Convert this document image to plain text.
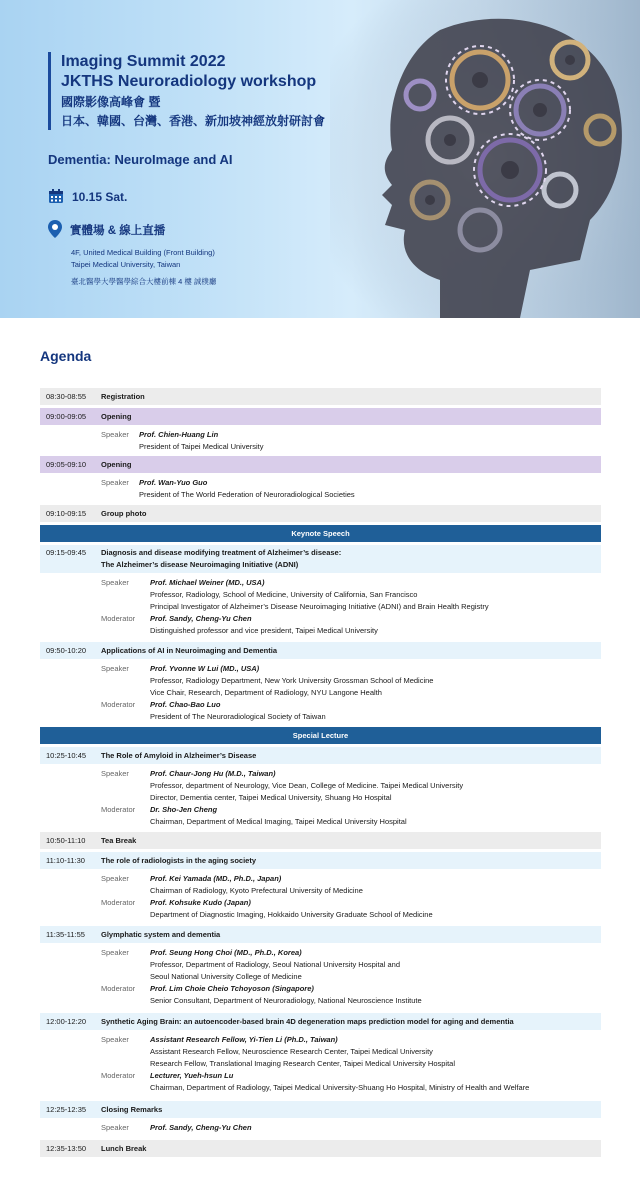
Imaging Summit 2022
JKTHS Neuroradiology workshop
國際影像高峰會 暨
日本、韓國、台灣、香港、新加坡神經放射研討會
Dementia: NeuroImage and AI
10.15 Sat.
實體場 & 線上直播
4F, United Medical Building (Front Building)
Taipei Medical University, Taiwan
臺北醫學大學醫學綜合大樓前棟 4 樓 誠樸廳
Agenda
08:30-08:55	Registration
09:00-09:05	Opening
Speaker	Prof. Chien-Huang Lin
President of Taipei Medical University
09:05-09:10	Opening
Speaker	Prof. Wan-Yuo Guo
President of The World Federation of Neuroradiological Societies
09:10-09:15	Group photo
Keynote Speech
09:15-09:45	Diagnosis and disease modifying treatment of Alzheimer’s disease:
The Alzheimer’s disease Neuroimaging Initiative (ADNI)
Speaker	Prof. Michael Weiner (MD., USA)
Professor, Radiology, School of Medicine, University of California, San Francisco
Principal Investigator of Alzheimer’s Disease Neuroimaging Initiative (ADNI) and Brain Health Registry
Moderator	Prof. Sandy, Cheng-Yu Chen
Distinguished professor and vice president, Taipei Medical University
09:50-10:20	Applications of AI in Neuroimaging and Dementia
Speaker	Prof. Yvonne W Lui (MD., USA)
Professor, Radiology Department, New York University Grossman School of Medicine
Vice Chair, Research, Department of Radiology, NYU Langone Health
Moderator	Prof. Chao-Bao Luo
President of The Neuroradiological Society of Taiwan
Special Lecture
10:25-10:45	The Role of Amyloid in Alzheimer’s Disease
Speaker	Prof. Chaur-Jong Hu (M.D., Taiwan)
Professor, department of Neurology, Vice Dean, College of Medicine. Taipei Medical University
Director, Dementia center, Taipei Medical University, Shuang Ho Hospital
Moderator	Dr. Sho-Jen Cheng
Chairman, Department of Medical Imaging, Taipei Medical University Hospital
10:50-11:10	Tea Break
11:10-11:30	The role of radiologists in the aging society
Speaker	Prof. Kei Yamada (MD., Ph.D., Japan)
Chairman of Radiology, Kyoto Prefectural University of Medicine
Moderator	Prof. Kohsuke Kudo (Japan)
Department of Diagnostic Imaging, Hokkaido University Graduate School of Medicine
11:35-11:55	Glymphatic system and dementia
Speaker	Prof. Seung Hong Choi (MD., Ph.D., Korea)
Professor, Department of Radiology, Seoul National University Hospital and
Seoul National University College of Medicine
Moderator	Prof. Lim Choie Cheio Tchoyoson (Singapore)
Senior Consultant, Department of Neuroradiology, National Neuroscience Institute
12:00-12:20	Synthetic Aging Brain: an autoencoder-based brain 4D degeneration maps prediction model for aging and dementia
Speaker	Assistant Research Fellow, Yi-Tien Li (Ph.D., Taiwan)
Assistant Research Fellow, Neuroscience Research Center, Taipei Medical University
Research Fellow, Translational Imaging Research Center, Taipei Medical University Hospital
Moderator	Lecturer, Yueh-hsun Lu
Chairman, Department of Radiology, Taipei Medical University-Shuang Ho Hospital, Ministry of Health and Welfare
12:25-12:35	Closing Remarks
Speaker	Prof. Sandy, Cheng-Yu Chen
12:35-13:50	Lunch Break
